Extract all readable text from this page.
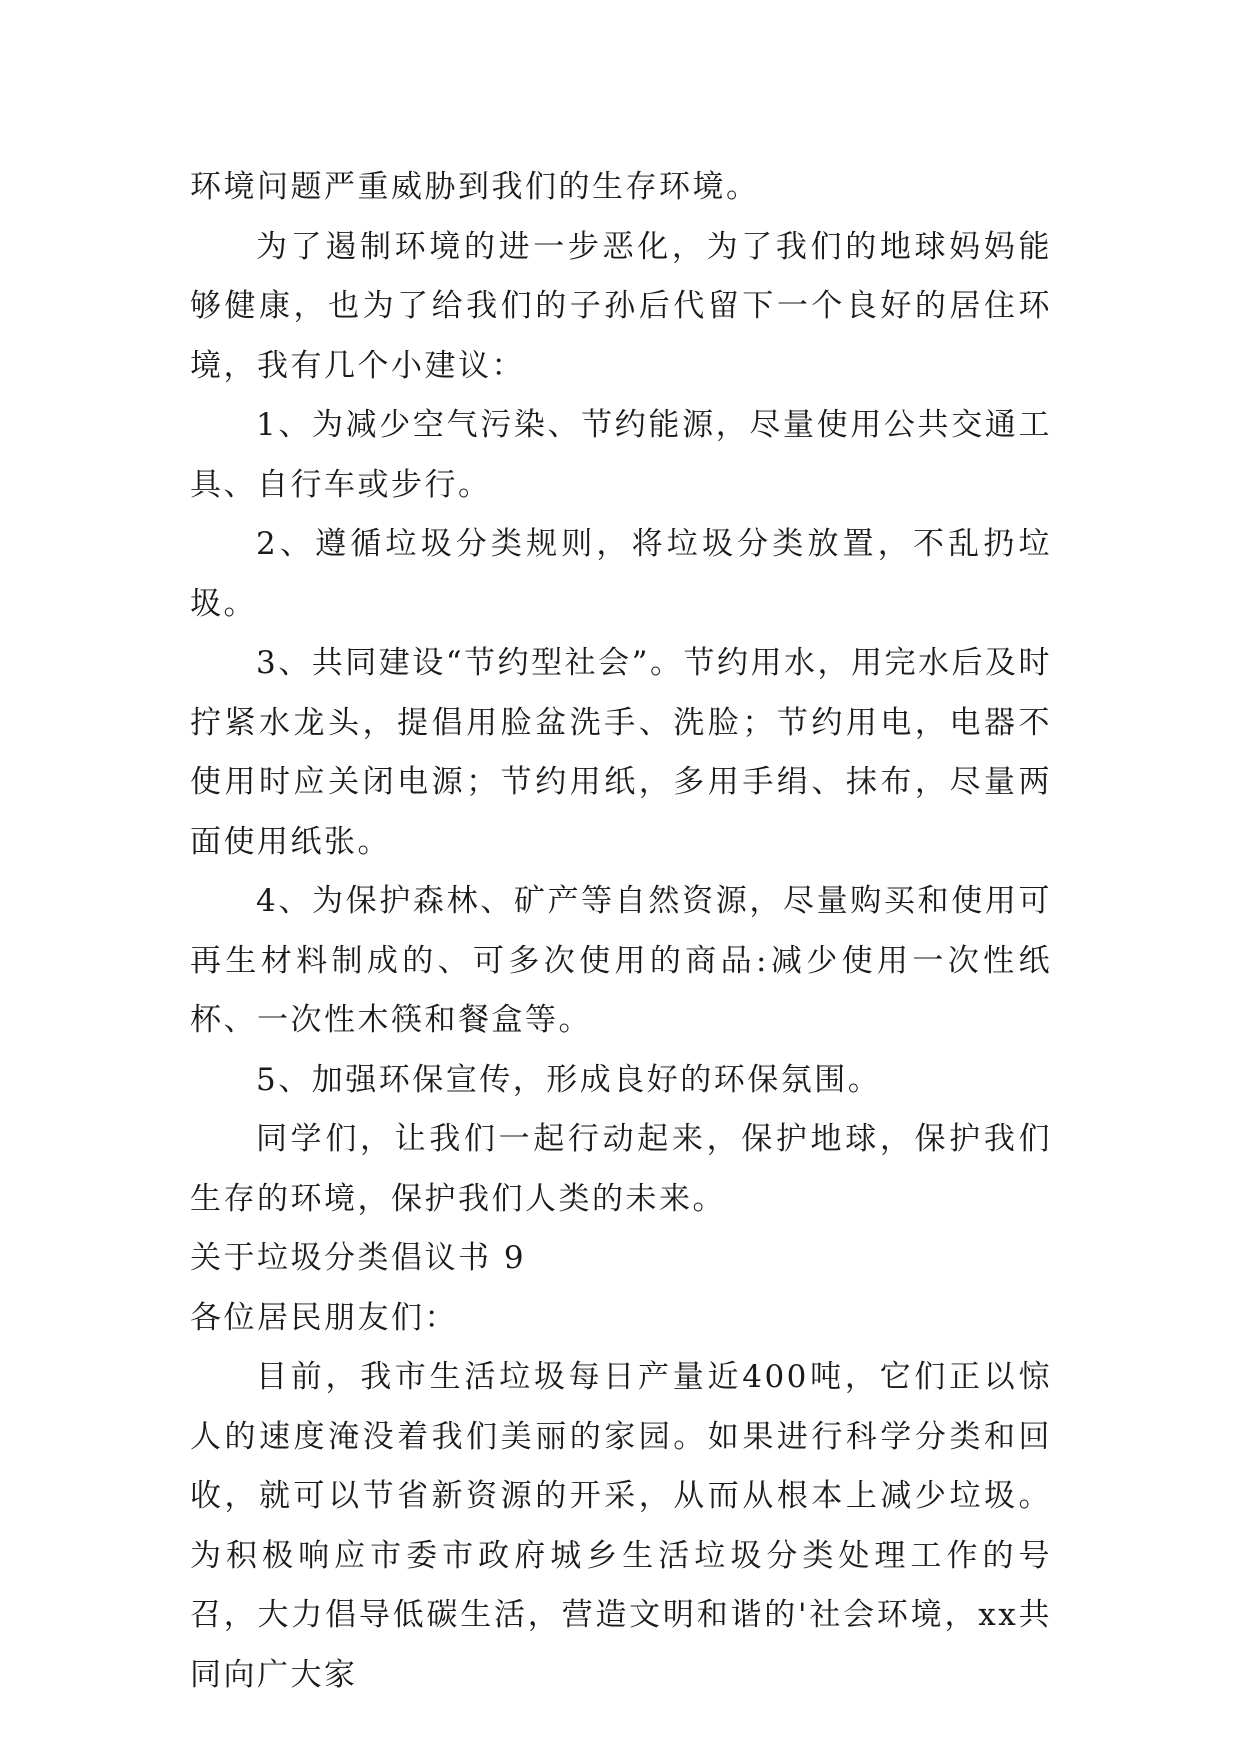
环境问题严重威胁到我们的生存环境。

为了遏制环境的进一步恶化，为了我们的地球妈妈能够健康，也为了给我们的子孙后代留下一个良好的居住环境，我有几个小建议：

1、为减少空气污染、节约能源，尽量使用公共交通工具、自行车或步行。

2、遵循垃圾分类规则，将垃圾分类放置，不乱扔垃圾。

3、共同建设“节约型社会”。节约用水，用完水后及时拧紧水龙头，提倡用脸盆洗手、洗脸；节约用电，电器不使用时应关闭电源；节约用纸，多用手绢、抹布，尽量两面使用纸张。

4、为保护森林、矿产等自然资源，尽量购买和使用可再生材料制成的、可多次使用的商品:减少使用一次性纸杯、一次性木筷和餐盒等。

5、加强环保宣传，形成良好的环保氛围。

同学们，让我们一起行动起来，保护地球，保护我们生存的环境，保护我们人类的未来。

关于垃圾分类倡议书 9

各位居民朋友们：

目前，我市生活垃圾每日产量近400吨，它们正以惊人的速度淹没着我们美丽的家园。如果进行科学分类和回收，就可以节省新资源的开采，从而从根本上减少垃圾。为积极响应市委市政府城乡生活垃圾分类处理工作的号召，大力倡导低碳生活，营造文明和谐的'社会环境，xx共同向广大家
